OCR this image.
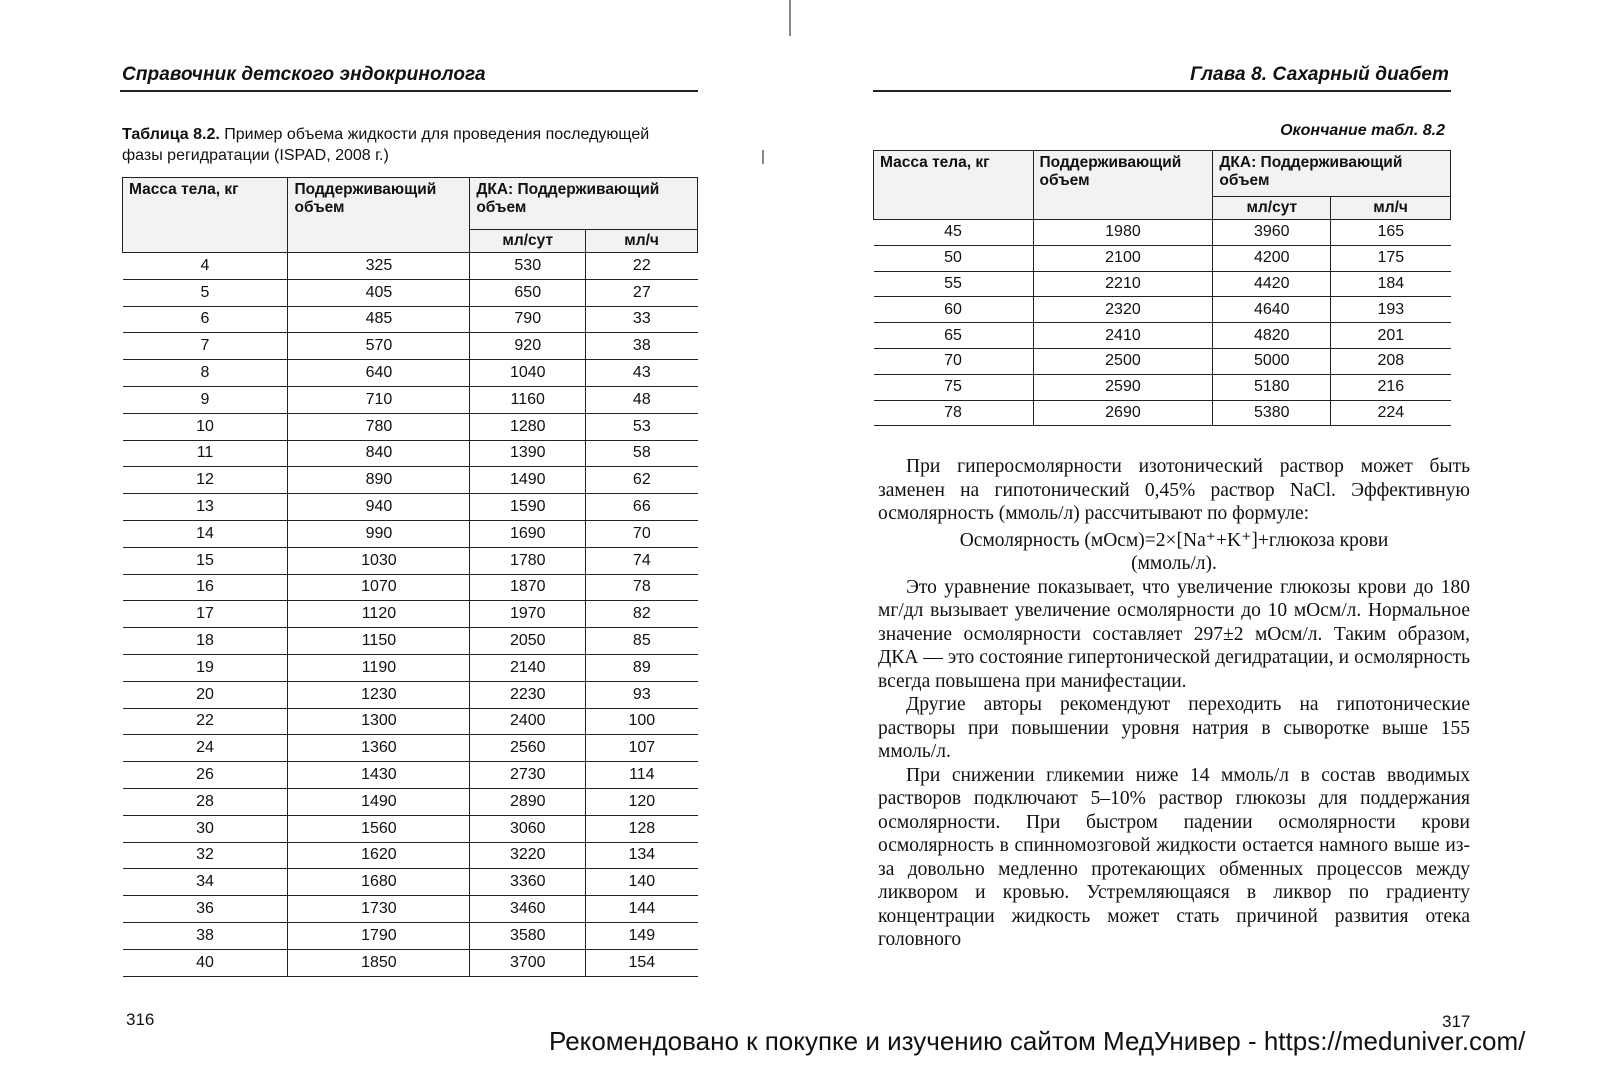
Справочник детского эндокринолога
Таблица 8.2. Пример объема жидкости для проведения последующей
фазы регидратации (ISPAD, 2008 г.)
Масса тела, кг	Поддерживающий объем	ДКА: Поддерживающий объем	
		мл/сут	мл/ч
4	325	530	22
5	405	650	27
6	485	790	33
7	570	920	38
8	640	1040	43
9	710	1160	48
10	780	1280	53
11	840	1390	58
12	890	1490	62
13	940	1590	66
14	990	1690	70
15	1030	1780	74
16	1070	1870	78
17	1120	1970	82
18	1150	2050	85
19	1190	2140	89
20	1230	2230	93
22	1300	2400	100
24	1360	2560	107
26	1430	2730	114
28	1490	2890	120
30	1560	3060	128
32	1620	3220	134
34	1680	3360	140
36	1730	3460	144
38	1790	3580	149
40	1850	3700	154
316
Глава 8. Сахарный диабет
Окончание табл. 8.2
Масса тела, кг	Поддерживающий объем	ДКА: Поддерживающий объем	
		мл/сут	мл/ч
45	1980	3960	165
50	2100	4200	175
55	2210	4420	184
60	2320	4640	193
65	2410	4820	201
70	2500	5000	208
75	2590	5180	216
78	2690	5380	224

При гиперосмолярности изотонический раствор может быть заменен на гипотонический 0,45% раствор NaCl. Эффективную осмолярность (ммоль/л) рассчитывают по формуле:

Осмолярность (мОсм)=2×[Na⁺+K⁺]+глюкоза крови (ммоль/л).

Это уравнение показывает, что увеличение глюкозы крови до 180 мг/дл вызывает увеличение осмолярности до 10 мОсм/л. Нормальное значение осмолярности составляет 297±2 мОсм/л. Таким образом, ДКА — это состояние гипертонической дегидратации, и осмолярность всегда повышена при манифестации.

Другие авторы рекомендуют переходить на гипотонические растворы при повышении уровня натрия в сыворотке выше 155 ммоль/л.

При снижении гликемии ниже 14 ммоль/л в состав вводимых растворов подключают 5–10% раствор глюкозы для поддержания осмолярности. При быстром падении осмолярности крови осмолярность в спинномозговой жидкости остается намного выше из-за довольно медленно протекающих обменных процессов между ликвором и кровью. Устремляющаяся в ликвор по градиенту концентрации жидкость может стать причиной развития отека головного

317
Рекомендовано к покупке и изучению сайтом МедУнивер - https://meduniver.com/
